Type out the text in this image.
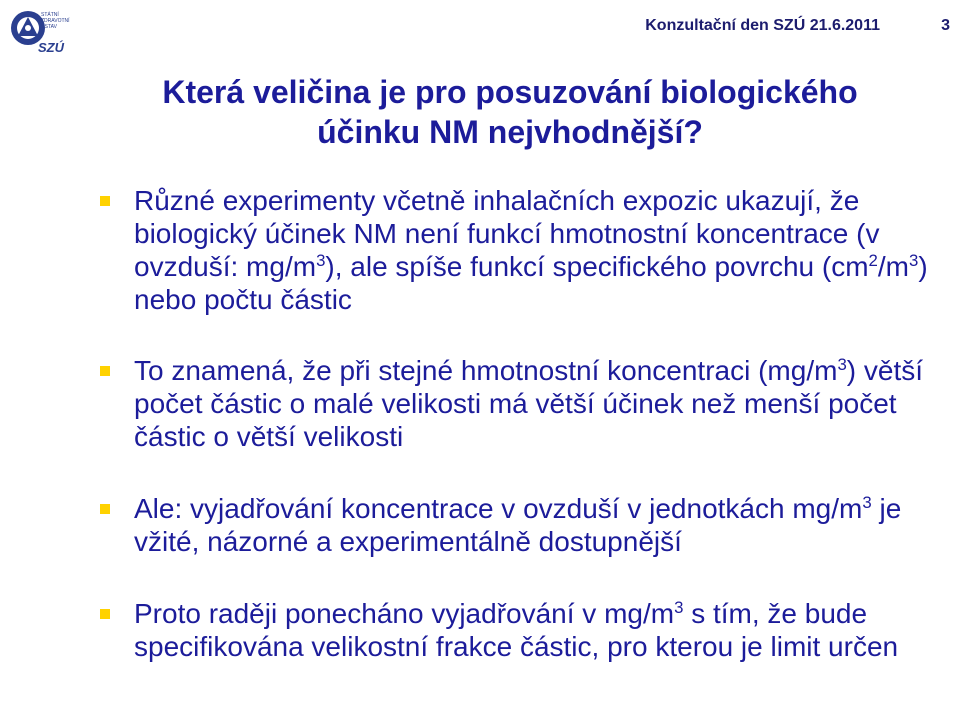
STÁTNÍ
ZDRAVOTNÍ
ÚSTAV
SZÚ
Konzultační den SZÚ 21.6.2011	3
Která veličina je pro posuzování biologického
účinku NM nejvhodnější?
Různé experimenty včetně inhalačních expozic ukazují, že biologický účinek NM není funkcí hmotnostní koncentrace (v ovzduší: $mg/m^3$), ale spíše funkcí specifického povrchu $(cm^2/m^3)$ nebo počtu částic
To znamená, že při stejné hmotnostní koncentraci $(mg/m^3)$ větší počet částic o malé velikosti má větší účinek než menší počet částic o větší velikosti
Ale: vyjadřování koncentrace v ovzduší v jednotkách $mg/m^3$ je vžité, názorné a experimentálně dostupnější
Proto raději ponecháno vyjadřování v $mg/m^3$ s tím, že bude specifikována velikostní frakce částic, pro kterou je limit určen
